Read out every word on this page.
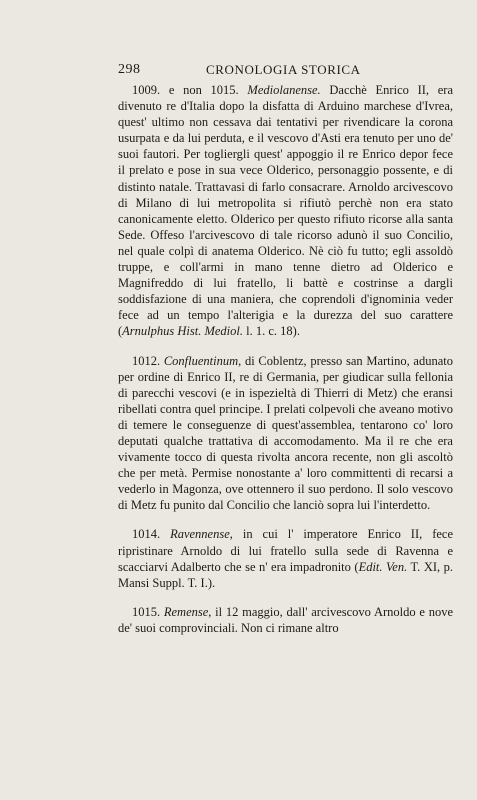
298	CRONOLOGIA STORICA

1009. e non 1015. Mediolanense. Dacchè Enrico II, era divenuto re d'Italia dopo la disfatta di Arduino marchese d'Ivrea, quest' ultimo non cessava dai tentativi per rivendicare la corona usurpata e da lui perduta, e il vescovo d'Asti era tenuto per uno de' suoi fautori. Per togliergli quest' appoggio il re Enrico depor fece il prelato e pose in sua vece Olderico, personaggio possente, e di distinto natale. Trattavasi di farlo consacrare. Arnoldo arcivescovo di Milano di lui metropolita si rifiutò perchè non era stato canonicamente eletto. Olderico per questo rifiuto ricorse alla santa Sede. Offeso l'arcivescovo di tale ricorso adunò il suo Concilio, nel quale colpì di anatema Olderico. Nè ciò fu tutto; egli assoldò truppe, e coll'armi in mano tenne dietro ad Olderico e Magnifreddo di lui fratello, li battè e costrinse a dargli soddisfazione di una maniera, che coprendoli d'ignominia veder fece ad un tempo l'alterigia e la durezza del suo carattere (Arnulphus Hist. Mediol. l. 1. c. 18).

1012. Confluentinum, di Coblentz, presso san Martino, adunato per ordine di Enrico II, re di Germania, per giudicar sulla fellonia di parecchi vescovi (e in ispezieltà di Thierri di Metz) che eransi ribellati contra quel principe. I prelati colpevoli che aveano motivo di temere le conseguenze di quest'assemblea, tentarono co' loro deputati qualche trattativa di accomodamento. Ma il re che era vivamente tocco di questa rivolta ancora recente, non gli ascoltò che per metà. Permise nonostante a' loro committenti di recarsi a vederlo in Magonza, ove ottennero il suo perdono. Il solo vescovo di Metz fu punito dal Concilio che lanciò sopra lui l'interdetto.

1014. Ravennense, in cui l' imperatore Enrico II, fece ripristinare Arnoldo di lui fratello sulla sede di Ravenna e scacciarvi Adalberto che se n' era impadronito (Edit. Ven. T. XI, p. Mansi Suppl. T. I.).

1015. Remense, il 12 maggio, dall' arcivescovo Arnoldo e nove de' suoi comprovinciali. Non ci rimane altro
